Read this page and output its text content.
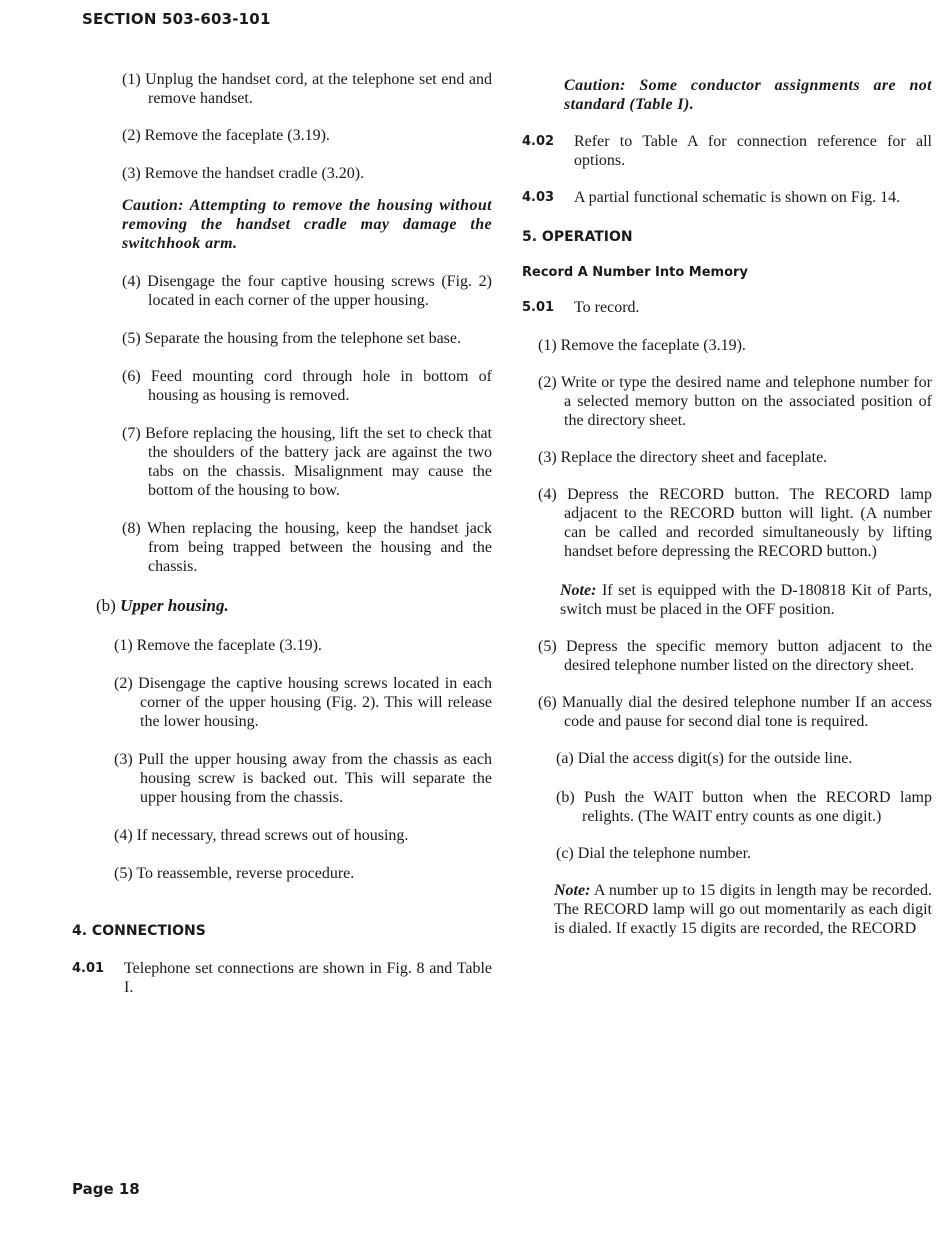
SECTION 503-603-101

(1) Unplug the handset cord, at the telephone set end and remove handset.

(2) Remove the faceplate (3.19).

(3) Remove the handset cradle (3.20).

Caution: Attempting to remove the housing without removing the handset cradle may damage the switchhook arm.

(4) Disengage the four captive housing screws (Fig. 2) located in each corner of the upper housing.

(5) Separate the housing from the telephone set base.

(6) Feed mounting cord through hole in bottom of housing as housing is removed.

(7) Before replacing the housing, lift the set to check that the shoulders of the battery jack are against the two tabs on the chassis. Misalignment may cause the bottom of the housing to bow.

(8) When replacing the housing, keep the handset jack from being trapped between the housing and the chassis.

(b) Upper housing.

(1) Remove the faceplate (3.19).

(2) Disengage the captive housing screws located in each corner of the upper housing (Fig. 2). This will release the lower housing.

(3) Pull the upper housing away from the chassis as each housing screw is backed out. This will separate the upper housing from the chassis.

(4) If necessary, thread screws out of housing.

(5) To reassemble, reverse procedure.

4. CONNECTIONS

4.01	Telephone set connections are shown in Fig. 8 and Table I.

Caution: Some conductor assignments are not standard (Table I).

4.02	Refer to Table A for connection reference for all options.

4.03	A partial functional schematic is shown on Fig. 14.

5. OPERATION

Record A Number Into Memory

5.01	To record.

(1) Remove the faceplate (3.19).

(2) Write or type the desired name and telephone number for a selected memory button on the associated position of the directory sheet.

(3) Replace the directory sheet and faceplate.

(4) Depress the RECORD button. The RECORD lamp adjacent to the RECORD button will light. (A number can be called and recorded simultaneously by lifting handset before depressing the RECORD button.)

Note: If set is equipped with the D-180818 Kit of Parts, switch must be placed in the OFF position.

(5) Depress the specific memory button adjacent to the desired telephone number listed on the directory sheet.

(6) Manually dial the desired telephone number If an access code and pause for second dial tone is required.

(a) Dial the access digit(s) for the outside line.

(b) Push the WAIT button when the RECORD lamp relights. (The WAIT entry counts as one digit.)

(c) Dial the telephone number.

Note: A number up to 15 digits in length may be recorded. The RECORD lamp will go out momentarily as each digit is dialed. If exactly 15 digits are recorded, the RECORD

Page 18
